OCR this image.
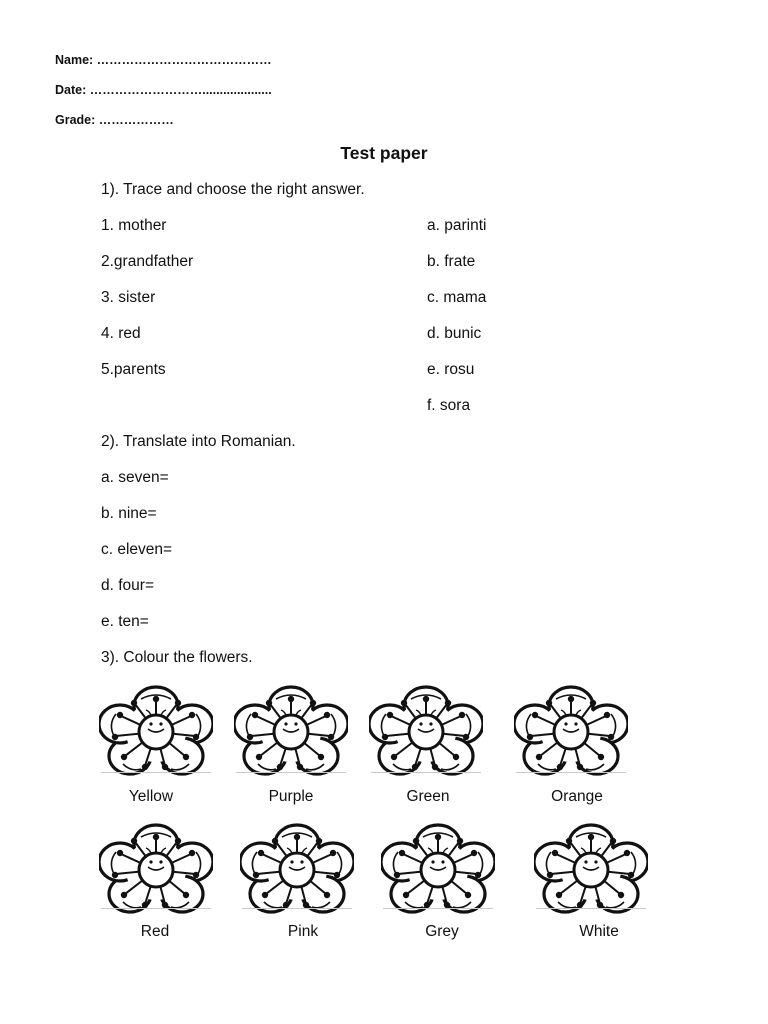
Name: ……………………………………
Date: ………………………....................
Grade: ………………
Test paper
1). Trace and choose the right answer.
1. mother
2.grandfather
3. sister
4. red
5.parents
a. parinti
b. frate
c. mama
d. bunic
e. rosu
f. sora
2). Translate into Romanian.
a. seven=
b. nine=
c. eleven=
d. four=
e. ten=
3). Colour the flowers.
Yellow	Purple	Green	Orange
Red	Pink	Grey	White
